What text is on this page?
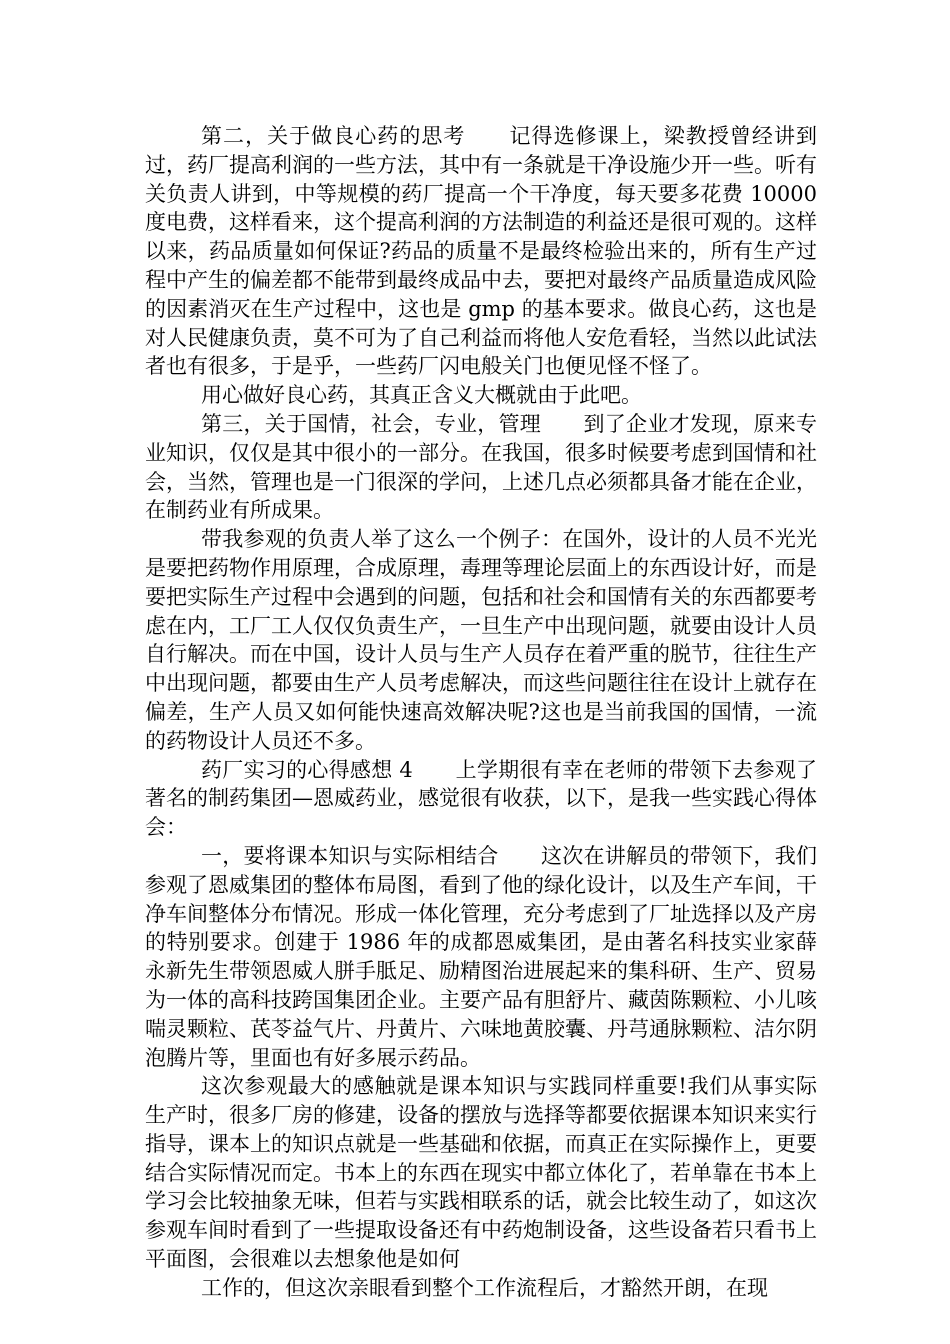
第二，关于做良心药的思考　　记得选修课上，梁教授曾经讲到过，药厂提高利润的一些方法，其中有一条就是干净设施少开一些。听有关负责人讲到，中等规模的药厂提高一个干净度，每天要多花费 10000 度电费，这样看来，这个提高利润的方法制造的利益还是很可观的。这样以来，药品质量如何保证?药品的质量不是最终检验出来的，所有生产过程中产生的偏差都不能带到最终成品中去，要把对最终产品质量造成风险的因素消灭在生产过程中，这也是 gmp 的基本要求。做良心药，这也是对人民健康负责，莫不可为了自己利益而将他人安危看轻，当然以此试法者也有很多，于是乎，一些药厂闪电般关门也便见怪不怪了。

用心做好良心药，其真正含义大概就由于此吧。

第三，关于国情，社会，专业，管理　　到了企业才发现，原来专业知识，仅仅是其中很小的一部分。在我国，很多时候要考虑到国情和社会，当然，管理也是一门很深的学问，上述几点必须都具备才能在企业，在制药业有所成果。

带我参观的负责人举了这么一个例子：在国外，设计的人员不光光是要把药物作用原理，合成原理，毒理等理论层面上的东西设计好，而是要把实际生产过程中会遇到的问题，包括和社会和国情有关的东西都要考虑在内，工厂工人仅仅负责生产，一旦生产中出现问题，就要由设计人员自行解决。而在中国，设计人员与生产人员存在着严重的脱节，往往生产中出现问题，都要由生产人员考虑解决，而这些问题往往在设计上就存在偏差，生产人员又如何能快速高效解决呢?这也是当前我国的国情，一流的药物设计人员还不多。

药厂实习的心得感想 4　　上学期很有幸在老师的带领下去参观了著名的制药集团—恩威药业，感觉很有收获，以下，是我一些实践心得体会：

一，要将课本知识与实际相结合　　这次在讲解员的带领下，我们参观了恩威集团的整体布局图，看到了他的绿化设计，以及生产车间，干净车间整体分布情况。形成一体化管理，充分考虑到了厂址选择以及产房的特别要求。创建于 1986 年的成都恩威集团，是由著名科技实业家薛永新先生带领恩威人胼手胝足、励精图治进展起来的集科研、生产、贸易为一体的高科技跨国集团企业。主要产品有胆舒片、藏茵陈颗粒、小儿咳喘灵颗粒、芪苓益气片、丹黄片、六味地黄胶囊、丹芎通脉颗粒、洁尔阴泡腾片等，里面也有好多展示药品。

这次参观最大的感触就是课本知识与实践同样重要!我们从事实际生产时，很多厂房的修建，设备的摆放与选择等都要依据课本知识来实行指导，课本上的知识点就是一些基础和依据，而真正在实际操作上，更要结合实际情况而定。书本上的东西在现实中都立体化了，若单靠在书本上学习会比较抽象无味，但若与实践相联系的话，就会比较生动了，如这次参观车间时看到了一些提取设备还有中药炮制设备，这些设备若只看书上平面图，会很难以去想象他是如何

工作的，但这次亲眼看到整个工作流程后，才豁然开朗，在现
